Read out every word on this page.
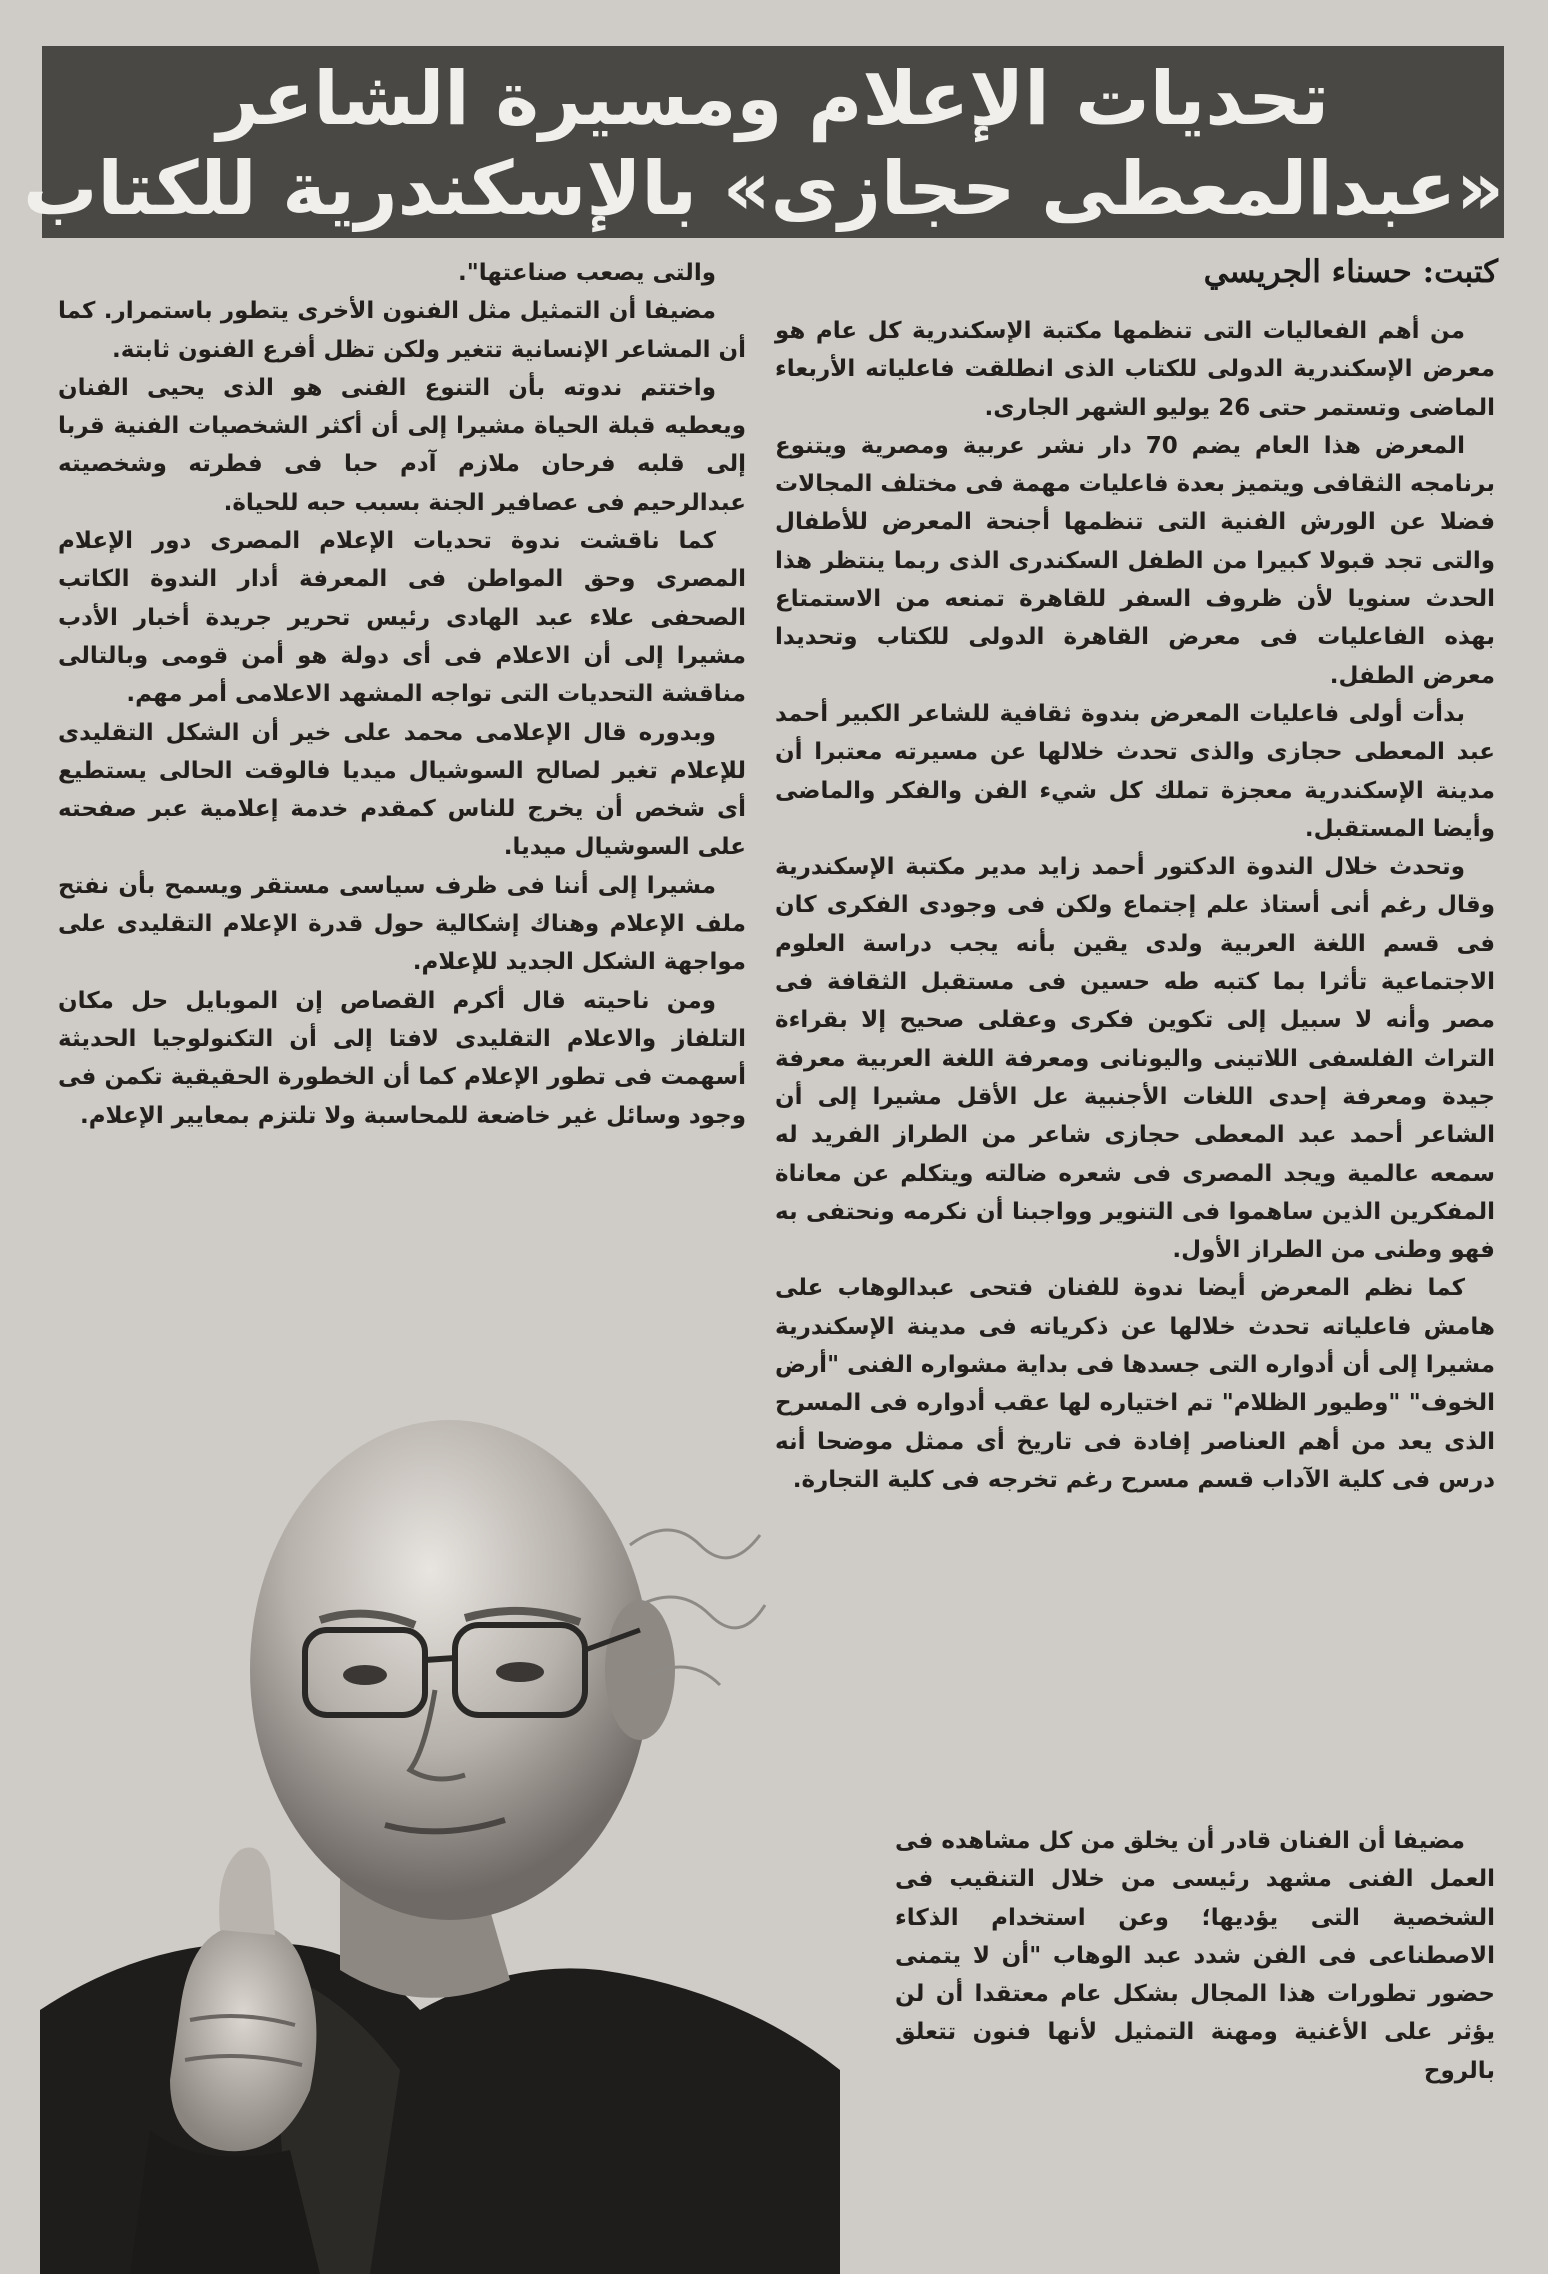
تحديات الإعلام ومسيرة الشاعر
«عبدالمعطى حجازى» بالإسكندرية للكتاب
كتبت: حسناء الجريسي

من أهم الفعاليات التى تنظمها مكتبة الإسكندرية كل عام هو معرض الإسكندرية الدولى للكتاب الذى انطلقت فاعلياته الأربعاء الماضى وتستمر حتى 26 يوليو الشهر الجارى.

المعرض هذا العام يضم 70 دار نشر عربية ومصرية ويتنوع برنامجه الثقافى ويتميز بعدة فاعليات مهمة فى مختلف المجالات فضلا عن الورش الفنية التى تنظمها أجنحة المعرض للأطفال والتى تجد قبولا كبيرا من الطفل السكندرى الذى ربما ينتظر هذا الحدث سنويا لأن ظروف السفر للقاهرة تمنعه من الاستمتاع بهذه الفاعليات فى معرض القاهرة الدولى للكتاب وتحديدا معرض الطفل.

بدأت أولى فاعليات المعرض بندوة ثقافية للشاعر الكبير أحمد عبد المعطى حجازى والذى تحدث خلالها عن مسيرته معتبرا أن مدينة الإسكندرية معجزة تملك كل شيء الفن والفكر والماضى وأيضا المستقبل.

وتحدث خلال الندوة الدكتور أحمد زايد مدير مكتبة الإسكندرية وقال رغم أنى أستاذ علم إجتماع ولكن فى وجودى الفكرى كان فى قسم اللغة العربية ولدى يقين بأنه يجب دراسة العلوم الاجتماعية تأثرا بما كتبه طه حسين فى مستقبل الثقافة فى مصر وأنه لا سبيل إلى تكوين فكرى وعقلى صحيح إلا بقراءة التراث الفلسفى اللاتينى واليونانى ومعرفة اللغة العربية معرفة جيدة ومعرفة إحدى اللغات الأجنبية عل الأقل مشيرا إلى أن الشاعر أحمد عبد المعطى حجازى شاعر من الطراز الفريد له سمعه عالمية ويجد المصرى فى شعره ضالته ويتكلم عن معاناة المفكرين الذين ساهموا فى التنوير وواجبنا أن نكرمه ونحتفى به فهو وطنى من الطراز الأول.

كما نظم المعرض أيضا ندوة للفنان فتحى عبدالوهاب على هامش فاعلياته تحدث خلالها عن ذكرياته فى مدينة الإسكندرية مشيرا إلى أن أدواره التى جسدها فى بداية مشواره الفنى "أرض الخوف" "وطيور الظلام" تم اختياره لها عقب أدواره فى المسرح الذى يعد من أهم العناصر إفادة فى تاريخ أى ممثل موضحا أنه درس فى كلية الآداب قسم مسرح رغم تخرجه فى كلية التجارة.

مضيفا أن الفنان قادر أن يخلق من كل مشاهده فى العمل الفنى مشهد رئيسى من خلال التنقيب فى الشخصية التى يؤديها؛ وعن استخدام الذكاء الاصطناعى فى الفن شدد عبد الوهاب "أن لا يتمنى حضور تطورات هذا المجال بشكل عام معتقدا أن لن يؤثر على الأغنية ومهنة التمثيل لأنها فنون تتعلق بالروح

والتى يصعب صناعتها".

مضيفا أن التمثيل مثل الفنون الأخرى يتطور باستمرار. كما أن المشاعر الإنسانية تتغير ولكن تظل أفرع الفنون ثابتة.

واختتم ندوته بأن التنوع الفنى هو الذى يحيى الفنان ويعطيه قبلة الحياة مشيرا إلى أن أكثر الشخصيات الفنية قربا إلى قلبه فرحان ملازم آدم حبا فى فطرته وشخصيته عبدالرحيم فى عصافير الجنة بسبب حبه للحياة.

كما ناقشت ندوة تحديات الإعلام المصرى دور الإعلام المصرى وحق المواطن فى المعرفة أدار الندوة الكاتب الصحفى علاء عبد الهادى رئيس تحرير جريدة أخبار الأدب مشيرا إلى أن الاعلام فى أى دولة هو أمن قومى وبالتالى مناقشة التحديات التى تواجه المشهد الاعلامى أمر مهم.

وبدوره قال الإعلامى محمد على خير أن الشكل التقليدى للإعلام تغير لصالح السوشيال ميديا فالوقت الحالى يستطيع أى شخص أن يخرج للناس كمقدم خدمة إعلامية عبر صفحته على السوشيال ميديا.

مشيرا إلى أننا فى ظرف سياسى مستقر ويسمح بأن نفتح ملف الإعلام وهناك إشكالية حول قدرة الإعلام التقليدى على مواجهة الشكل الجديد للإعلام.

ومن ناحيته قال أكرم القصاص إن الموبايل حل مكان التلفاز والاعلام التقليدى لافتا إلى أن التكنولوجيا الحديثة أسهمت فى تطور الإعلام كما أن الخطورة الحقيقية تكمن فى وجود وسائل غير خاضعة للمحاسبة ولا تلتزم بمعايير الإعلام.
